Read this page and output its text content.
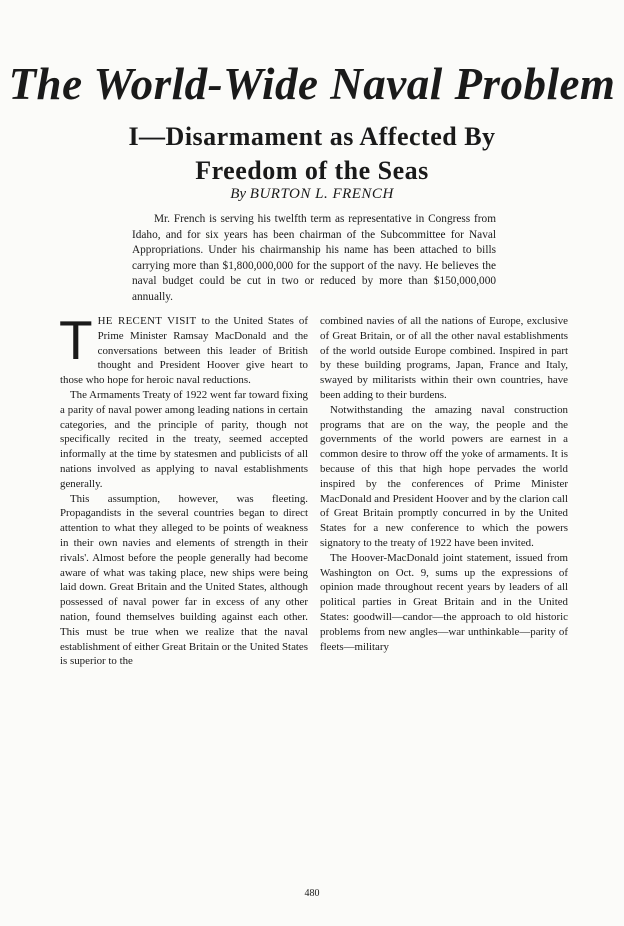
The World-Wide Naval Problem
I—Disarmament as Affected By
Freedom of the Seas

By BURTON L. FRENCH

Mr. French is serving his twelfth term as representative in Congress from Idaho, and for six years has been chairman of the Subcommittee for Naval Appropriations. Under his chairmanship his name has been attached to bills carrying more than $1,800,000,000 for the support of the navy. He believes the naval budget could be cut in two or reduced by more than $150,000,000 annually.

THE RECENT VISIT to the United States of Prime Minister Ramsay MacDonald and the conversations between this leader of British thought and President Hoover give heart to those who hope for heroic naval reductions.

The Armaments Treaty of 1922 went far toward fixing a parity of naval power among leading nations in certain categories, and the principle of parity, though not specifically recited in the treaty, seemed accepted informally at the time by statesmen and publicists of all nations involved as applying to naval establishments generally.

This assumption, however, was fleeting. Propagandists in the several countries began to direct attention to what they alleged to be points of weakness in their own navies and elements of strength in their rivals'. Almost before the people generally had become aware of what was taking place, new ships were being laid down. Great Britain and the United States, although possessed of naval power far in excess of any other nation, found themselves building against each other. This must be true when we realize that the naval establishment of either Great Britain or the United States is superior to the

combined navies of all the nations of Europe, exclusive of Great Britain, or of all the other naval establishments of the world outside Europe combined. Inspired in part by these building programs, Japan, France and Italy, swayed by militarists within their own countries, have been adding to their burdens.

Notwithstanding the amazing naval construction programs that are on the way, the people and the governments of the world powers are earnest in a common desire to throw off the yoke of armaments. It is because of this that high hope pervades the world inspired by the conferences of Prime Minister MacDonald and President Hoover and by the clarion call of Great Britain promptly concurred in by the United States for a new conference to which the powers signatory to the treaty of 1922 have been invited.

The Hoover-MacDonald joint statement, issued from Washington on Oct. 9, sums up the expressions of opinion made throughout recent years by leaders of all political parties in Great Britain and in the United States: goodwill—candor—the approach to old historic problems from new angles—war unthinkable—parity of fleets—military

480
